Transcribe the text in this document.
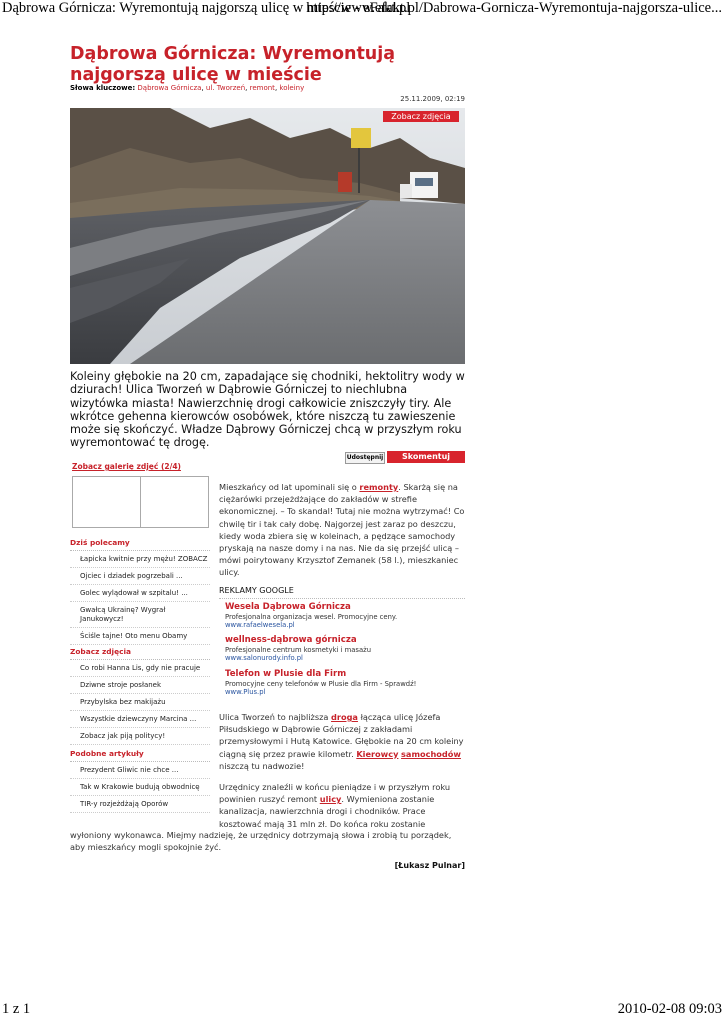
Dąbrowa Górnicza: Wyremontują najgorszą ulicę w mieście - eFakt.pl
http://www.efakt.pl/Dabrowa-Gornicza-Wyremontuja-najgorsza-ulice...
1 z 1	2010-02-08 09:03
Dąbrowa Górnicza: Wyremontują najgorszą ulicę w mieście
Słowa kluczowe: Dąbrowa Górnicza, ul. Tworzeń, remont, koleiny
25.11.2009, 02:19
Zobacz zdjęcia

Koleiny głębokie na 20 cm, zapadające się chodniki, hektolitry wody w dziurach! Ulica Tworzeń w Dąbrowie Górniczej to niechlubna wizytówka miasta! Nawierzchnię drogi całkowicie zniszczyły tiry. Ale wkrótce gehenna kierowców osobówek, które niszczą tu zawieszenie może się skończyć. Władze Dąbrowy Górniczej chcą w przyszłym roku wyremontować tę drogę.

Udostępnij	Skomentuj
Zobacz galerię zdjęć (2/4)
Dziś polecamy
Łapicka kwitnie przy mężu! ZOBACZ
Ojciec i dziadek pogrzebali ...
Golec wylądował w szpitalu! ...
Gwałcą Ukrainę? Wygrał Janukowycz!
Ściśle tajne! Oto menu Obamy
Zobacz zdjęcia
Co robi Hanna Lis, gdy nie pracuje
Dziwne stroje posłanek
Przybylska bez makijażu
Wszystkie dziewczyny Marcina ...
Zobacz jak piją politycy!
Podobne artykuły
Prezydent Gliwic nie chce ...
Tak w Krakowie budują obwodnicę
TIR-y rozjeżdżają Oporów

Mieszkańcy od lat upominali się o remonty. Skarżą się na ciężarówki przejeżdżające do zakładów w strefie ekonomicznej. – To skandal! Tutaj nie można wytrzymać! Co chwilę tir i tak cały dobę. Najgorzej jest zaraz po deszczu, kiedy woda zbiera się w koleinach, a pędzące samochody pryskają na nasze domy i na nas. Nie da się przejść ulicą – mówi poirytowany Krzysztof Zemanek (58 l.), mieszkaniec ulicy.

REKLAMY GOOGLE
Wesela Dąbrowa Górnicza
Profesjonalna organizacja wesel. Promocyjne ceny.
www.rafaelwesela.pl
wellness-dąbrowa górnicza
Profesjonalne centrum kosmetyki i masażu
www.salonurody.info.pl
Telefon w Plusie dla Firm
Promocyjne ceny telefonów w Plusie dla Firm - Sprawdź!
www.Plus.pl

Ulica Tworzeń to najbliższa droga łącząca ulicę Józefa Piłsudskiego w Dąbrowie Górniczej z zakładami przemysłowymi i Hutą Katowice. Głębokie na 20 cm koleiny ciągną się przez prawie kilometr. Kierowcy samochodów niszczą tu nadwozie!

Urzędnicy znaleźli w końcu pieniądze i w przyszłym roku powinien ruszyć remont ulicy. Wymieniona zostanie kanalizacja, nawierzchnia drogi i chodników. Prace kosztować mają 31 mln zł. Do końca roku zostanie

wyłoniony wykonawca. Miejmy nadzieję, że urzędnicy dotrzymają słowa i zrobią tu porządek, aby mieszkańcy mogli spokojnie żyć.

[Łukasz Pulnar]
